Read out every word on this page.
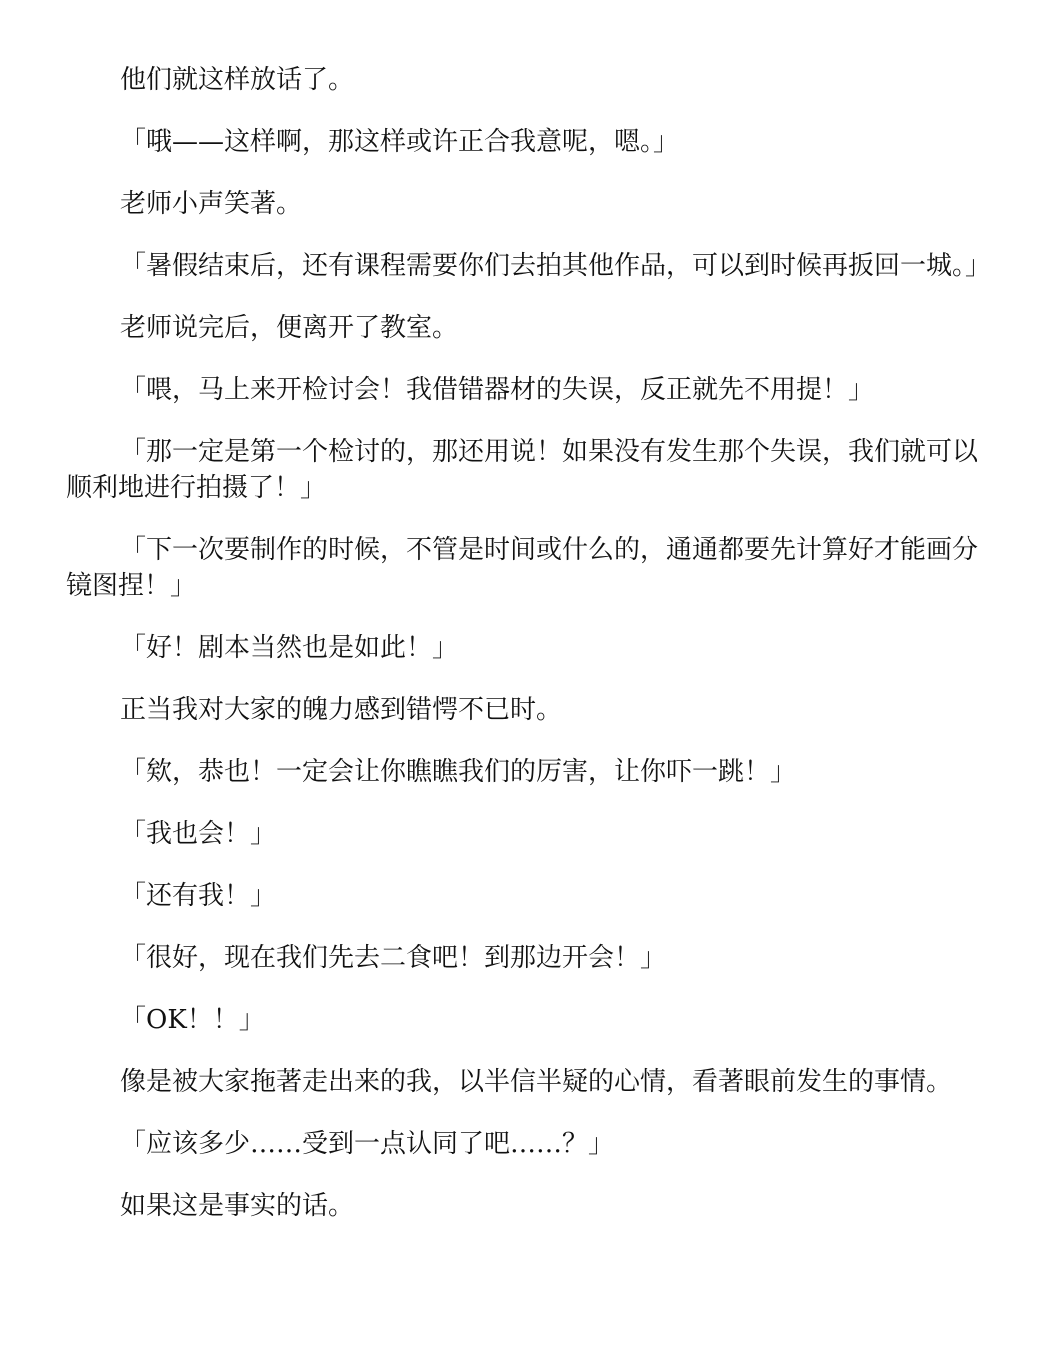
他们就这样放话了。

「哦——这样啊，那这样或许正合我意呢，嗯。」

老师小声笑著。

「暑假结束后，还有课程需要你们去拍其他作品，可以到时候再扳回一城。」

老师说完后，便离开了教室。

「喂，马上来开检讨会！我借错器材的失误，反正就先不用提！」

「那一定是第一个检讨的，那还用说！如果没有发生那个失误，我们就可以顺利地进行拍摄了！」

「下一次要制作的时候，不管是时间或什么的，通通都要先计算好才能画分镜图捏！」

「好！剧本当然也是如此！」

正当我对大家的魄力感到错愕不已时。

「欸，恭也！一定会让你瞧瞧我们的厉害，让你吓一跳！」

「我也会！」

「还有我！」

「很好，现在我们先去二食吧！到那边开会！」

「OK！！」

像是被大家拖著走出来的我，以半信半疑的心情，看著眼前发生的事情。

「应该多少……受到一点认同了吧……？」

如果这是事实的话。
